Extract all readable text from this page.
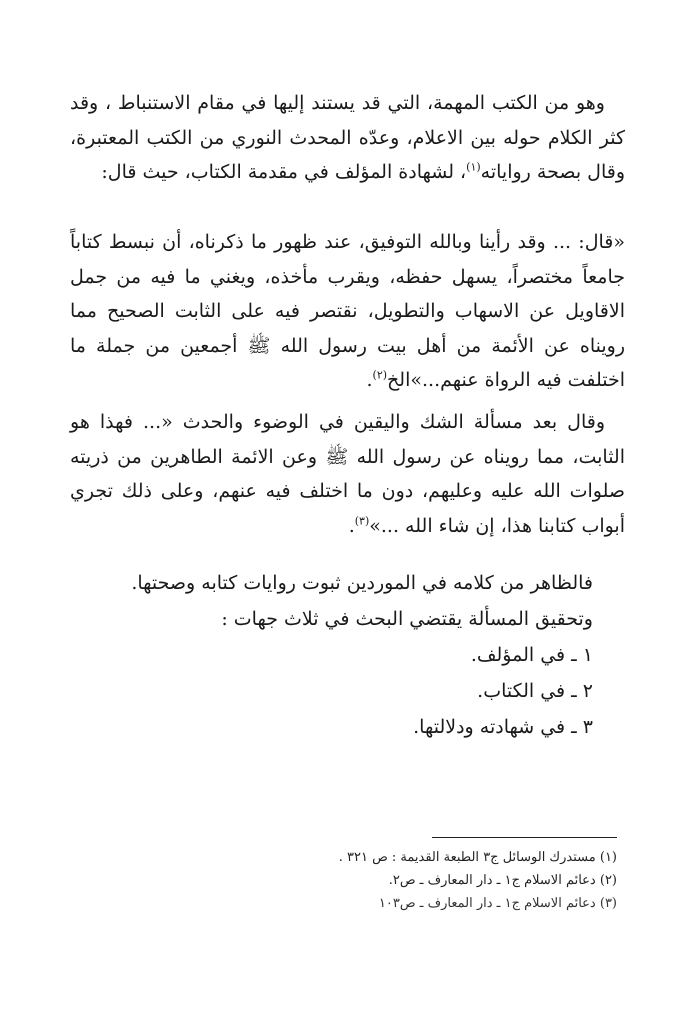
وهو من الكتب المهمة، التي قد يستند إليها في مقام الاستنباط ، وقد كثر الكلام حوله بين الاعلام، وعدّه المحدث النوري من الكتب المعتبرة، وقال بصحة رواياته$^{(١)}$، لشهادة المؤلف في مقدمة الكتاب، حيث قال:

«قال: ... وقد رأينا وبالله التوفيق، عند ظهور ما ذكرناه، أن نبسط كتاباً جامعاً مختصراً، يسهل حفظه، ويقرب مأخذه، ويغني ما فيه من جمل الاقاويل عن الاسهاب والتطويل، نقتصر فيه على الثابت الصحيح مما رويناه عن الأئمة من أهل بيت رسول الله ﷺ أجمعين من جملة ما اختلفت فيه الرواة عنهم...»الخ$^{(٢)}$.

وقال بعد مسألة الشك واليقين في الوضوء والحدث «... فهذا هو الثابت، مما رويناه عن رسول الله ﷺ وعن الائمة الطاهرين من ذريته صلوات الله عليه وعليهم، دون ما اختلف فيه عنهم، وعلى ذلك تجري أبواب كتابنا هذا، إن شاء الله ...»$^{(٣)}$.

فالظاهر من كلامه في الموردين ثبوت روايات كتابه وصحتها.

وتحقيق المسألة يقتضي البحث في ثلاث جهات :

١ ـ في المؤلف.

٢ ـ في الكتاب.

٣ ـ في شهادته ودلالتها.

(١) مستدرك الوسائل ج٣ الطبعة القديمة : ص ٣٢١ .

(٢) دعائم الاسلام ج١ ـ دار المعارف ـ ص٢.

(٣) دعائم الاسلام ج١ ـ دار المعارف ـ ص١٠٣
